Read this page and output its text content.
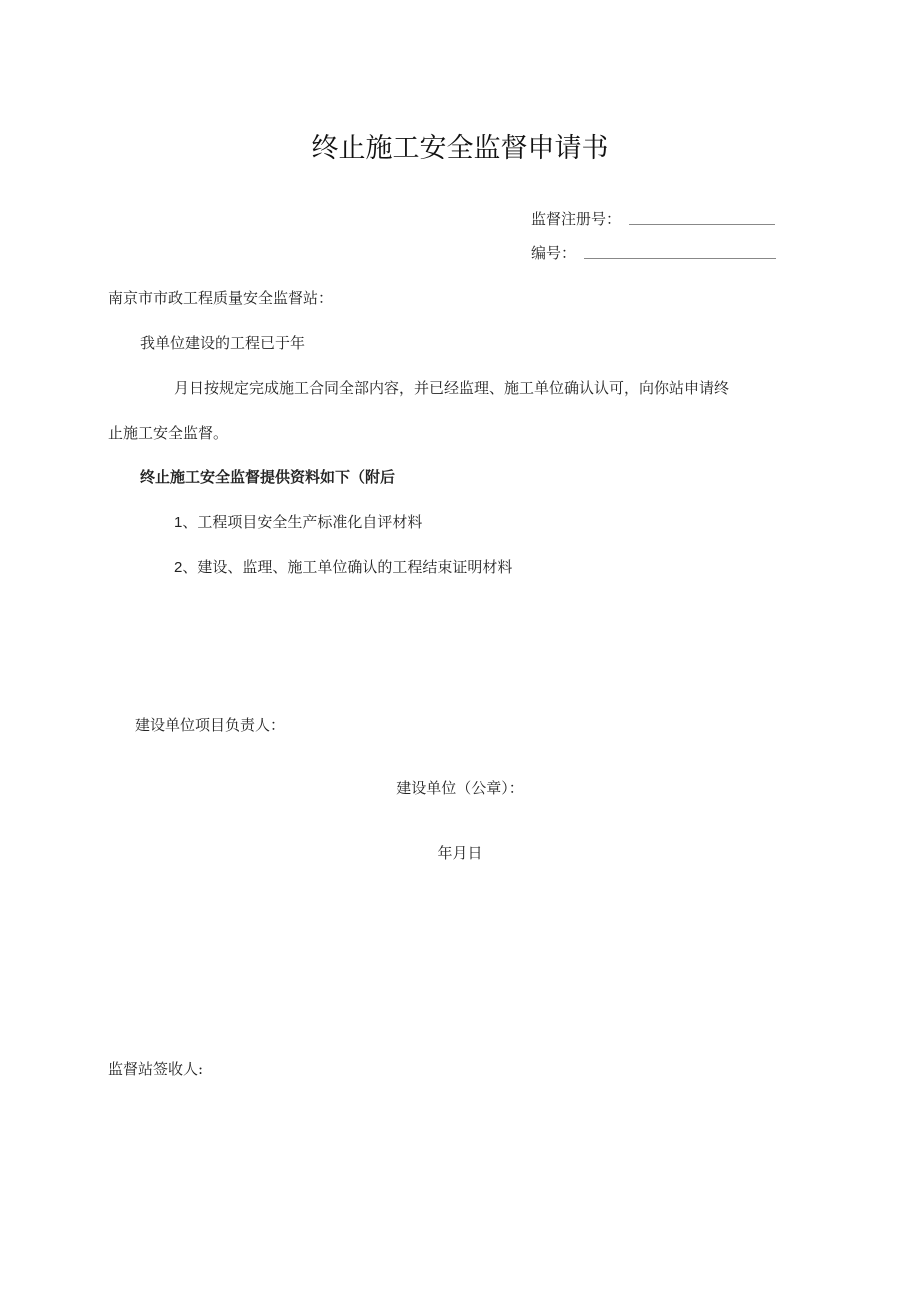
终止施工安全监督申请书
监督注册号：
编号：
南京市市政工程质量安全监督站：
我单位建设的工程已于年
月日按规定完成施工合同全部内容，并已经监理、施工单位确认认可，向你站申请终
止施工安全监督。
终止施工安全监督提供资料如下（附后
1、工程项目安全生产标准化自评材料
2、建设、监理、施工单位确认的工程结束证明材料
建设单位项目负责人：
建设单位（公章）：
年月日
监督站签收人:
